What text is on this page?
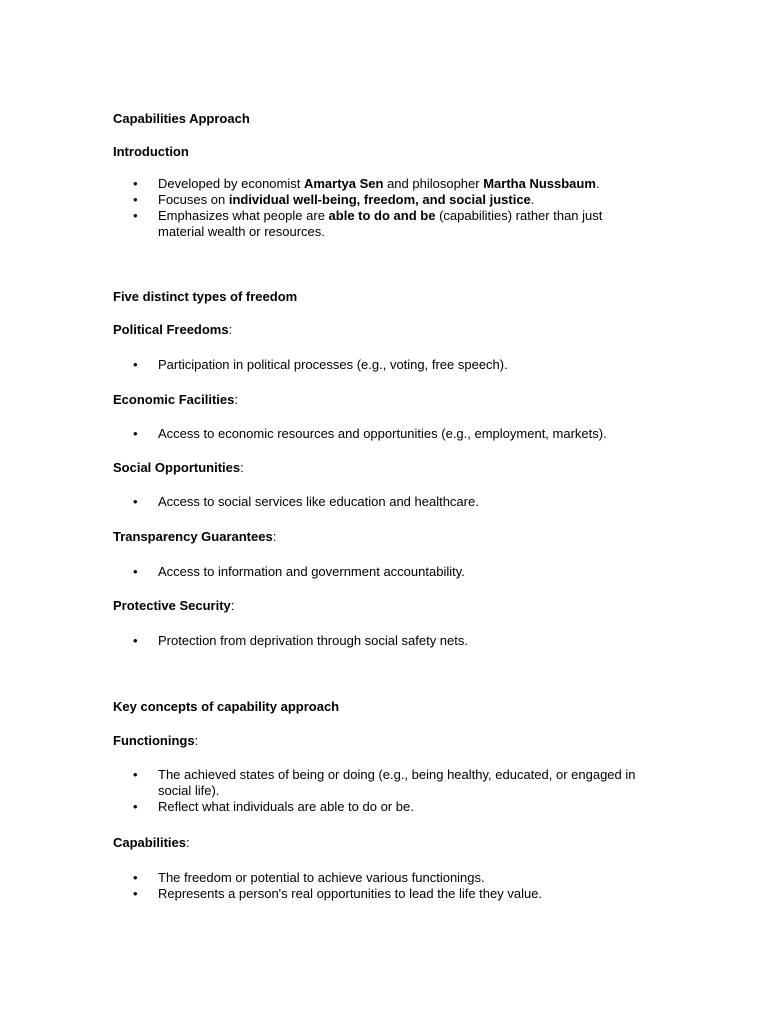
Capabilities Approach
Introduction
• Developed by economist Amartya Sen and philosopher Martha Nussbaum.
• Focuses on individual well-being, freedom, and social justice.
• Emphasizes what people are able to do and be (capabilities) rather than just material wealth or resources.
Five distinct types of freedom
Political Freedoms:
• Participation in political processes (e.g., voting, free speech).
Economic Facilities:
• Access to economic resources and opportunities (e.g., employment, markets).
Social Opportunities:
• Access to social services like education and healthcare.
Transparency Guarantees:
• Access to information and government accountability.
Protective Security:
• Protection from deprivation through social safety nets.
Key concepts of capability approach
Functionings:
• The achieved states of being or doing (e.g., being healthy, educated, or engaged in social life).
• Reflect what individuals are able to do or be.
Capabilities:
• The freedom or potential to achieve various functionings.
• Represents a person's real opportunities to lead the life they value.
